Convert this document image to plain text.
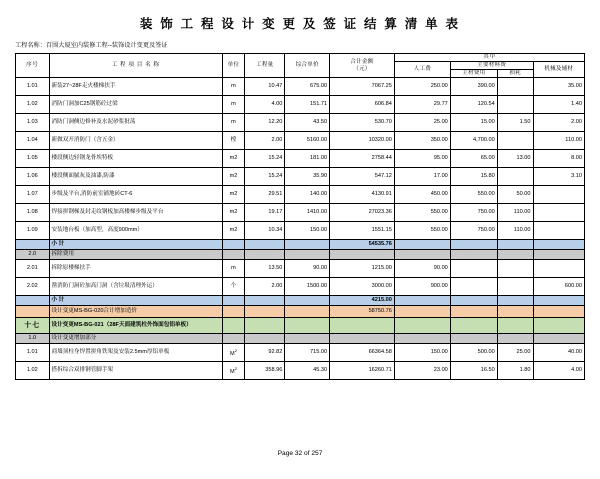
装 饰 工 程 设 计 变 更 及 签 证 结 算 清 单 表
工程名称：百围大厦室内装修工程--装饰设计变更及签证
序号	工 程 项 目 名 称	单位	工程量	综合单价	合计金额
（元）	其中			
						人工费	主要材料费		机械及辅材
							主材费用	损耗	
1.01	新装27~28F走火楼梯扶手	m	10.47	675.00	7067.25	250.00	390.00		35.00
1.02	消防门洞加C25钢筋砼过梁	m	4.00	151.71	606.84	29.77	120.54		1.40
1.03	消防门洞侧边修补及水泥砂浆批荡	m	12.20	43.50	530.70	25.00	15.00	1.50	2.00
1.04	新做双开消防门（含五金）	樘	2.00	5160.00	10320.00	350.00	4,700.00		110.00
1.05	楼段侧边轻钢龙骨埃特板	m2	15.24	181.00	2758.44	95.00	65.00	13.00	8.00
1.06	楼段侧面腻灰及油漆,防漆	m2	15.24	35.90	547.12	17.00	15.80		3.10
1.07	步级及平台,消防前室铺地砖CT-6	m2	29.51	140.00	4130.91	450.00	550.00	50.00	
1.08	焊接拼钢梯及封走纹钢板加高楼梯步级及平台	m2	19.17	1410.00	27023.36	550.00	750.00	110.00	
1.09	安装地台板（加高型，高度900mm）	m2	10.34	150.00	1551.15	550.00	750.00	110.00	
	小 计				54535.76				
2.0	拆除费用								
2.01	拆除原楼梯扶手	m	13.50	90.00	1215.00	90.00			
2.02	凿消防门洞砼加高门洞（含垃圾清理外运）	个	2.00	1500.00	3000.00	900.00			600.00
	小 计				4215.00				
	设计变更MS-BG-020合计增加造价				58750.76				
十七	设计变更MS-BG-021（28F天面建筑柱外饰面包铝单板）								
1.0	设计变更增加部分								
1.01	商墙顶柱身焊置拼角铁架及安装2.5mm厚铝单板	$M^2$	92.82	715.00	66364.58	150.00	500.00	25.00	40.00
1.02	搭拆综合双排钢管脚手架	$M^2$	358.96	45.30	16260.71	23.00	16.50	1.80	4.00
Page 32 of 257
